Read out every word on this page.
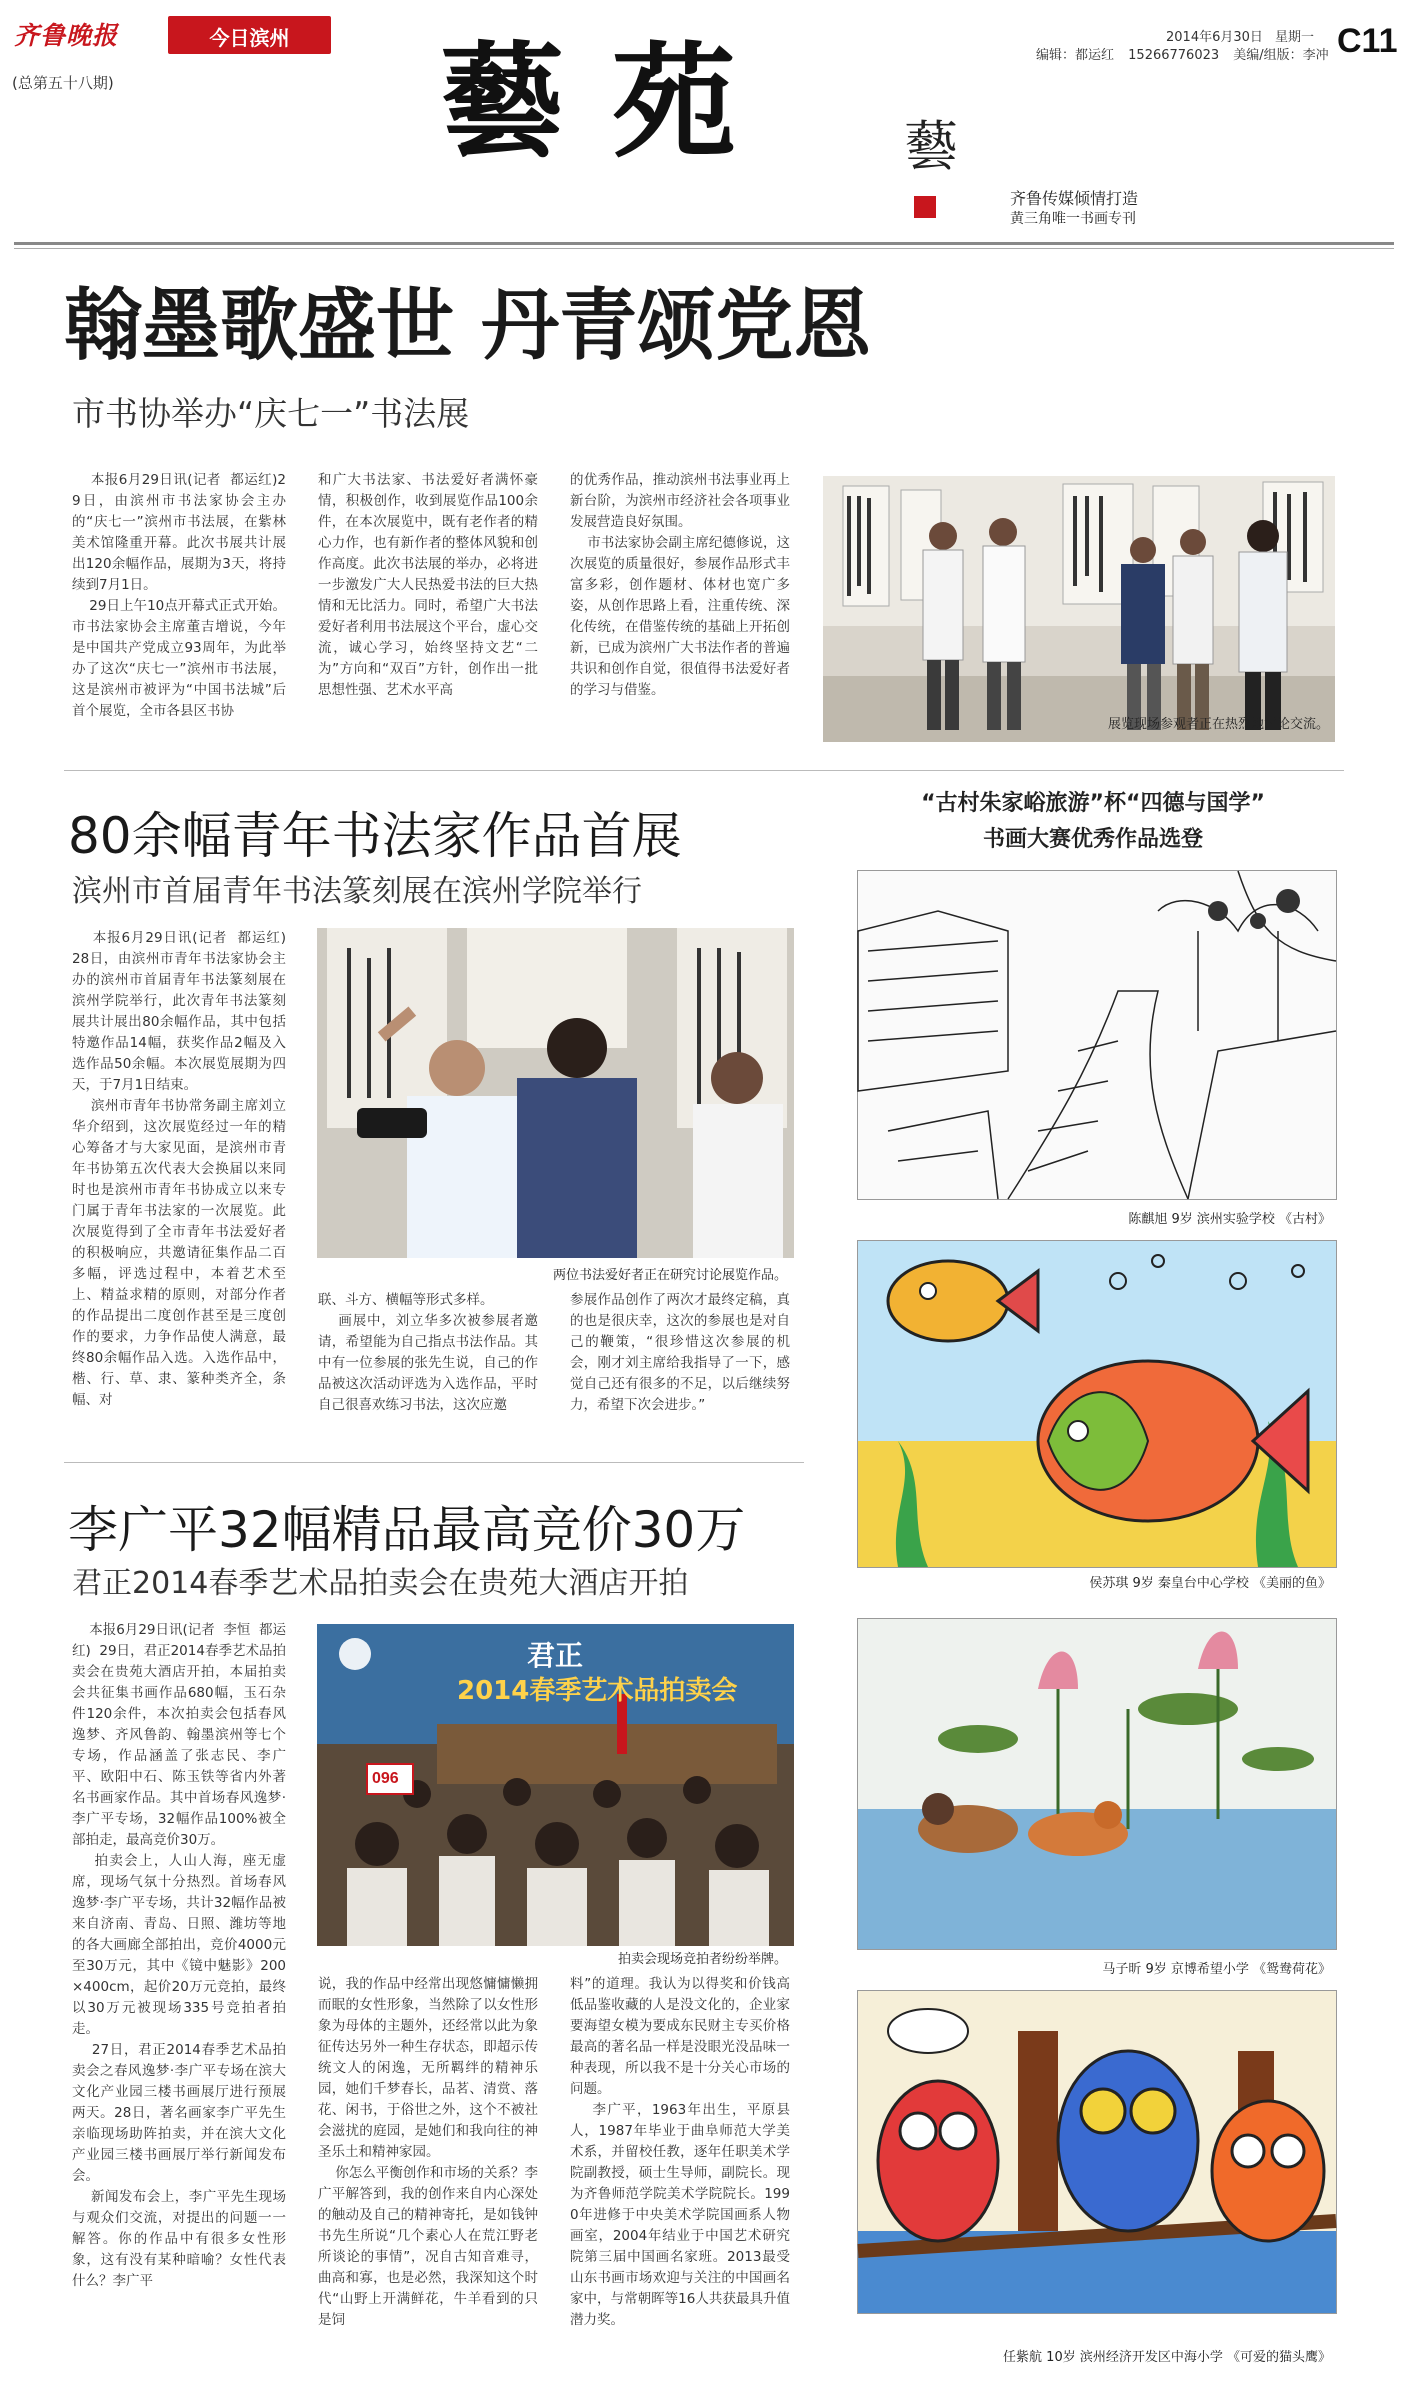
齐鲁晚报	今日滨州
(总第五十八期)	藝苑 藝
2014年6月30日 星期一 C11
编辑：都运红 15266776023 美编/组版：李冲
齐鲁传媒倾情打造
黄三角唯一书画专刊
翰墨歌盛世 丹青颂党恩
市书协举办“庆七一”书法展
本报6月29日讯(记者  都运红)29日，由滨州市书法家协会主办的“庆七一”滨州市书法展，在紫林美术馆隆重开幕。此次书展共计展出120余幅作品，展期为3天，将持续到7月1日。
29日上午10点开幕式正式开始。市书法家协会主席董吉增说，今年是中国共产党成立93周年，为此举办了这次“庆七一”滨州市书法展，这是滨州市被评为“中国书法城”后首个展览，全市各县区书协
和广大书法家、书法爱好者满怀豪情，积极创作，收到展览作品100余件，在本次展览中，既有老作者的精心力作，也有新作者的整体风貌和创作高度。此次书法展的举办，必将进一步激发广大人民热爱书法的巨大热情和无比活力。同时，希望广大书法爱好者利用书法展这个平台，虚心交流，诚心学习，始终坚持文艺“二为”方向和“双百”方针，创作出一批思想性强、艺术水平高
的优秀作品，推动滨州书法事业再上新台阶，为滨州市经济社会各项事业发展营造良好氛围。
市书法家协会副主席纪德修说，这次展览的质量很好，参展作品形式丰富多彩，创作题材、体材也宽广多姿，从创作思路上看，注重传统、深化传统，在借鉴传统的基础上开拓创新，已成为滨州广大书法作者的普遍共识和创作自觉，很值得书法爱好者的学习与借鉴。
展览现场参观者正在热烈地讨论交流。
80余幅青年书法家作品首展
滨州市首届青年书法篆刻展在滨州学院举行
本报6月29日讯(记者  都运红)  28日，由滨州市青年书法家协会主办的滨州市首届青年书法篆刻展在滨州学院举行，此次青年书法篆刻展共计展出80余幅作品，其中包括特邀作品14幅，获奖作品2幅及入选作品50余幅。本次展览展期为四天，于7月1日结束。
滨州市青年书协常务副主席刘立华介绍到，这次展览经过一年的精心筹备才与大家见面，是滨州市青年书协第五次代表大会换届以来同时也是滨州市青年书协成立以来专门属于青年书法家的一次展览。此次展览得到了全市青年书法爱好者的积极响应，共邀请征集作品二百多幅，评选过程中，本着艺术至上、精益求精的原则，对部分作者的作品提出二度创作甚至是三度创作的要求，力争作品使人满意，最终80余幅作品入选。入选作品中，楷、行、草、隶、篆种类齐全，条幅、对
两位书法爱好者正在研究讨论展览作品。
联、斗方、横幅等形式多样。
画展中，刘立华多次被参展者邀请，希望能为自己指点书法作品。其中有一位参展的张先生说，自己的作品被这次活动评选为入选作品，平时自己很喜欢练习书法，这次应邀
参展作品创作了两次才最终定稿，真的也是很庆幸，这次的参展也是对自己的鞭策，“很珍惜这次参展的机会，刚才刘主席给我指导了一下，感觉自己还有很多的不足，以后继续努力，希望下次会进步。”
李广平32幅精品最高竞价30万
君正2014春季艺术品拍卖会在贵苑大酒店开拍
本报6月29日讯(记者  李恒  都运红)  29日，君正2014春季艺术品拍卖会在贵苑大酒店开拍，本届拍卖会共征集书画作品680幅，玉石杂件120余件，本次拍卖会包括春风逸梦、齐风鲁韵、翰墨滨州等七个专场，作品涵盖了张志民、李广平、欧阳中石、陈玉铁等省内外著名书画家作品。其中首场春风逸梦·李广平专场，32幅作品100%被全部拍走，最高竞价30万。
拍卖会上，人山人海，座无虚席，现场气氛十分热烈。首场春风逸梦·李广平专场，共计32幅作品被来自济南、青岛、日照、潍坊等地的各大画廊全部拍出，竞价4000元至30万元，其中《镜中魅影》200×400cm，起价20万元竞拍，最终以30万元被现场335号竞拍者拍走。
27日，君正2014春季艺术品拍卖会之春风逸梦·李广平专场在滨大文化产业园三楼书画展厅进行预展两天。28日，著名画家李广平先生亲临现场助阵拍卖，并在滨大文化产业园三楼书画展厅举行新闻发布会。
新闻发布会上，李广平先生现场与观众们交流，对提出的问题一一解答。你的作品中有很多女性形象，这有没有某种暗喻？女性代表什么？李广平
君正
2014春季艺术品拍卖会
096
拍卖会现场竞拍者纷纷举牌。
说，我的作品中经常出现悠慵慵懒拥而眠的女性形象，当然除了以女性形象为母体的主题外，还经常以此为象征传达另外一种生存状态，即超示传统文人的闲逸，无所羁绊的精神乐园，她们千梦春长，品茗、清赏、落花、闲书，于俗世之外，这个不被社会滋扰的庭园，是她们和我向往的神圣乐土和精神家园。
你怎么平衡创作和市场的关系？李广平解答到，我的创作来自内心深处的触动及自己的精神寄托，是如钱钟书先生所说“几个素心人在荒江野老所谈论的事情”，况自古知音难寻，曲高和寡，也是必然，我深知这个时代“山野上开满鲜花，牛羊看到的只是饲
料”的道理。我认为以得奖和价钱高低品鉴收藏的人是没文化的，企业家要海望女模为要成东民财主专买价格最高的著名品一样是没眼光没品味一种表现，所以我不是十分关心市场的问题。
李广平，1963年出生，平原县人，1987年毕业于曲阜师范大学美术系，并留校任教，逐年任职美术学院副教授，硕士生导师，副院长。现为齐鲁师范学院美术学院院长。1990年进修于中央美术学院国画系人物画室，2004年结业于中国艺术研究院第三届中国画名家班。2013最受山东书画市场欢迎与关注的中国画名家中，与常朝晖等16人共获最具升值潜力奖。
“古村朱家峪旅游”杯“四德与国学”
书画大赛优秀作品选登
陈麒旭 9岁 滨州实验学校 《古村》
侯苏琪 9岁 秦皇台中心学校 《美丽的鱼》
马子昕 9岁 京博希望小学 《鸳鸯荷花》
任紫航 10岁 滨州经济开发区中海小学 《可爱的猫头鹰》
